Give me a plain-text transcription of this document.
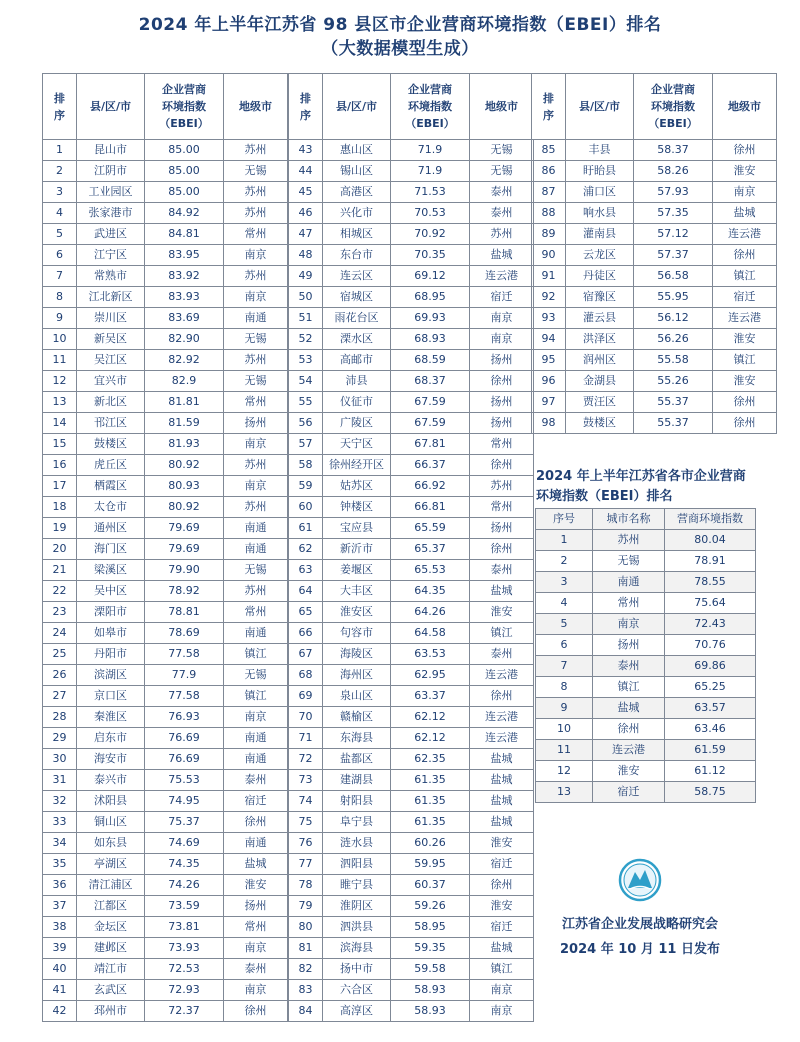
2024 年上半年江苏省 98 县区市企业营商环境指数（EBEI）排名
（大数据模型生成）
排
序	县/区/市	企业营商
环境指数
（EBEI）	地级市
1	昆山市	85.00	苏州
2	江阴市	85.00	无锡
3	工业园区	85.00	苏州
4	张家港市	84.92	苏州
5	武进区	84.81	常州
6	江宁区	83.95	南京
7	常熟市	83.92	苏州
8	江北新区	83.93	南京
9	崇川区	83.69	南通
10	新吴区	82.90	无锡
11	吴江区	82.92	苏州
12	宜兴市	82.9	无锡
13	新北区	81.81	常州
14	邗江区	81.59	扬州
15	鼓楼区	81.93	南京
16	虎丘区	80.92	苏州
17	栖霞区	80.93	南京
18	太仓市	80.92	苏州
19	通州区	79.69	南通
20	海门区	79.69	南通
21	梁溪区	79.90	无锡
22	吴中区	78.92	苏州
23	溧阳市	78.81	常州
24	如皋市	78.69	南通
25	丹阳市	77.58	镇江
26	滨湖区	77.9	无锡
27	京口区	77.58	镇江
28	秦淮区	76.93	南京
29	启东市	76.69	南通
30	海安市	76.69	南通
31	泰兴市	75.53	泰州
32	沭阳县	74.95	宿迁
33	铜山区	75.37	徐州
34	如东县	74.69	南通
35	亭湖区	74.35	盐城
36	清江浦区	74.26	淮安
37	江都区	73.59	扬州
38	金坛区	73.81	常州
39	建邺区	73.93	南京
40	靖江市	72.53	泰州
41	玄武区	72.93	南京
42	邳州市	72.37	徐州
排
序	县/区/市	企业营商
环境指数
（EBEI）	地级市
43	惠山区	71.9	无锡
44	锡山区	71.9	无锡
45	高港区	71.53	泰州
46	兴化市	70.53	泰州
47	相城区	70.92	苏州
48	东台市	70.35	盐城
49	连云区	69.12	连云港
50	宿城区	68.95	宿迁
51	雨花台区	69.93	南京
52	溧水区	68.93	南京
53	高邮市	68.59	扬州
54	沛县	68.37	徐州
55	仪征市	67.59	扬州
56	广陵区	67.59	扬州
57	天宁区	67.81	常州
58	徐州经开区	66.37	徐州
59	姑苏区	66.92	苏州
60	钟楼区	66.81	常州
61	宝应县	65.59	扬州
62	新沂市	65.37	徐州
63	姜堰区	65.53	泰州
64	大丰区	64.35	盐城
65	淮安区	64.26	淮安
66	句容市	64.58	镇江
67	海陵区	63.53	泰州
68	海州区	62.95	连云港
69	泉山区	63.37	徐州
70	赣榆区	62.12	连云港
71	东海县	62.12	连云港
72	盐都区	62.35	盐城
73	建湖县	61.35	盐城
74	射阳县	61.35	盐城
75	阜宁县	61.35	盐城
76	涟水县	60.26	淮安
77	泗阳县	59.95	宿迁
78	睢宁县	60.37	徐州
79	淮阴区	59.26	淮安
80	泗洪县	58.95	宿迁
81	滨海县	59.35	盐城
82	扬中市	59.58	镇江
83	六合区	58.93	南京
84	高淳区	58.93	南京
排
序	县/区/市	企业营商
环境指数
（EBEI）	地级市
85	丰县	58.37	徐州
86	盱眙县	58.26	淮安
87	浦口区	57.93	南京
88	响水县	57.35	盐城
89	灌南县	57.12	连云港
90	云龙区	57.37	徐州
91	丹徒区	56.58	镇江
92	宿豫区	55.95	宿迁
93	灌云县	56.12	连云港
94	洪泽区	56.26	淮安
95	润州区	55.58	镇江
96	金湖县	55.26	淮安
97	贾汪区	55.37	徐州
98	鼓楼区	55.37	徐州
2024 年上半年江苏省各市企业营商环境指数（EBEI）排名
序号	城市名称	营商环境指数
1	苏州	80.04
2	无锡	78.91
3	南通	78.55
4	常州	75.64
5	南京	72.43
6	扬州	70.76
7	泰州	69.86
8	镇江	65.25
9	盐城	63.57
10	徐州	63.46
11	连云港	61.59
12	淮安	61.12
13	宿迁	58.75
江苏省企业发展战略研究会
2024 年 10 月 11 日发布
